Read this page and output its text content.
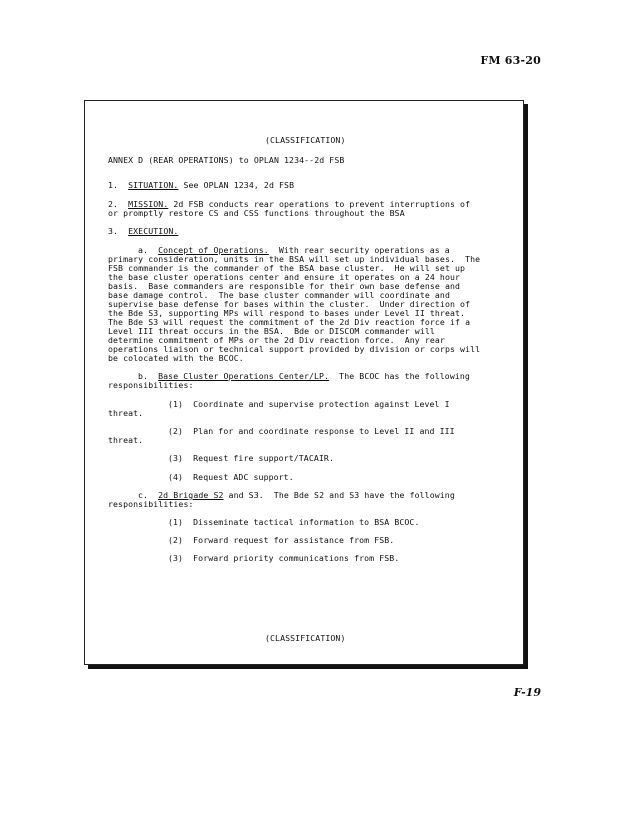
FM 63-20

(CLASSIFICATION)

ANNEX D (REAR OPERATIONS) to OPLAN 1234--2d FSB

1. SITUATION. See OPLAN 1234, 2d FSB

2. MISSION. 2d FSB conducts rear operations to prevent interruptions of

or promptly restore CS and CSS functions throughout the BSA

3. EXECUTION.

a. Concept of Operations.  With rear security operations as a

primary consideration, units in the BSA will set up individual bases.  The

FSB commander is the commander of the BSA base cluster.  He will set up

the base cluster operations center and ensure it operates on a 24 hour

basis.  Base commanders are responsible for their own base defense and

base damage control.  The base cluster commander will coordinate and

supervise base defense for bases within the cluster.  Under direction of

the Bde S3, supporting MPs will respond to bases under Level II threat.

The Bde S3 will request the commitment of the 2d Div reaction force if a

Level III threat occurs in the BSA.  Bde or DISCOM commander will

determine commitment of MPs or the 2d Div reaction force.  Any rear

operations liaison or technical support provided by division or corps will

be colocated with the BCOC.

b. Base Cluster Operations Center/LP.  The BCOC has the following

responsibilities:

(1) Coordinate and supervise protection against Level I

threat.

(2) Plan for and coordinate response to Level II and III

threat.

(3) Request fire support/TACAIR.

(4) Request ADC support.

c. 2d Brigade S2 and S3.  The Bde S2 and S3 have the following

responsibilities:

(1) Disseminate tactical information to BSA BCOC.

(2) Forward request for assistance from FSB.

(3) Forward priority communications from FSB.

(CLASSIFICATION)

F-19
